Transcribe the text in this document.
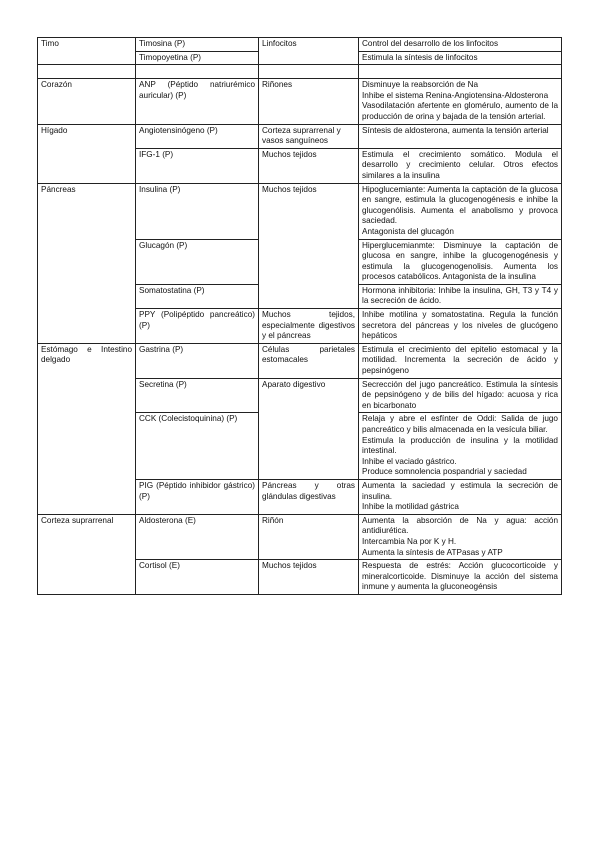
Timo	Timosina (P)	Linfocitos	Control del desarrollo de los linfocitos
	Timopoyetina (P)		Estimula la síntesis de linfocitos

Corazón	ANP (Péptido natriurémico auricular) (P)	Riñones	Disminuye la reabsorción de Na
Inhibe el sistema Renina-Angiotensina-Aldosterona
Vasodilatación afertente en glomérulo, aumento de la producción de orina y bajada de la tensión arterial.

Hígado	Angiotensinógeno (P)	Corteza suprarrenal y vasos sanguíneos	Síntesis de aldosterona, aumenta la tensión arterial
	IFG-1 (P)	Muchos tejidos	Estimula el crecimiento somático. Modula el desarrollo y crecimiento celular. Otros efectos similares a la insulina
Páncreas	Insulina (P)	Muchos tejidos	Hipoglucemiante: Aumenta la captación de la glucosa en sangre, estimula la glucogenogénesis e inhibe la glucogenólisis. Aumenta el anabolismo y provoca saciedad.
Antagonista del glucagón

	Glucagón (P)		Hiperglucemianmte: Disminuye la captación de glucosa en sangre, inhibe la glucogenogénesis y estimula la glucogenogenolisis. Aumenta los procesos catabólicos. Antagonista de la insulina
	Somatostatina (P)		Hormona inhibitoria: Inhibe la insulina, GH, T3 y T4 y la secreción de ácido.
	PPY (Polipéptido pancreático)(P)	Muchos tejidos, especialmente digestivos y el páncreas	Inhibe motilina y somatostatina. Regula la función secretora del páncreas y los niveles de glucógeno hepáticos
Estómago e Intestino delgado	Gastrina (P)	Células parietales estomacales	Estimula el crecimiento del epitelio estomacal y la motilidad. Incrementa la secreción de ácido y pepsinógeno
	Secretina (P)	Aparato digestivo	Secrección del jugo pancreático. Estimula la síntesis de pepsinógeno y de bilis del hígado: acuosa y rica en bicarbonato
	CCK (Colecistoquinina) (P)		Relaja y abre el esfínter de Oddi: Salida de jugo pancreático y bilis almacenada en la vesícula biliar.
Estimula la producción de insulina y la motilidad intestinal.
Inhibe el vaciado gástrico.
Produce somnolencia pospandrial y saciedad

	PIG (Péptido inhibidor gástrico) (P)	Páncreas y otras glándulas digestivas	Aumenta la saciedad y estimula la secreción de insulina.
Inhibe la motilidad gástrica

Corteza suprarrenal	Aldosterona (E)	Riñón	Aumenta la absorción de Na y agua: acción antidiurética.
Intercambia Na por K y H.
Aumenta la síntesis de ATPasas y ATP

	Cortisol (E)	Muchos tejidos	Respuesta de estrés: Acción glucocorticoide y mineralcorticoide. Disminuye la acción del sistema inmune y aumenta la gluconeogénsis
